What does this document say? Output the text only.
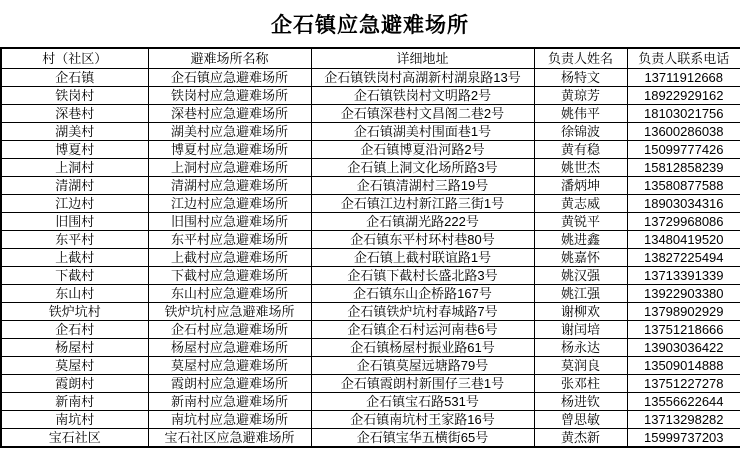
企石镇应急避难场所
村（社区）	避难场所名称	详细地址	负责人姓名	负责人联系电话
企石镇	企石镇应急避难场所	企石镇铁岗村高湖新村湖泉路13号	杨特文	13711912668
铁岗村	铁岗村应急避难场所	企石镇铁岗村文明路2号	黄琼芳	18922929162
深巷村	深巷村应急避难场所	企石镇深巷村文昌阁二巷2号	姚伟平	18103021756
湖美村	湖美村应急避难场所	企石镇湖美村围面巷1号	徐锦波	13600286038
博夏村	博夏村应急避难场所	企石镇博夏沿河路2号	黄有稳	15099777426
上洞村	上洞村应急避难场所	企石镇上洞文化场所路3号	姚世杰	15812858239
清湖村	清湖村应急避难场所	企石镇清湖村三路19号	潘炳坤	13580877588
江边村	江边村应急避难场所	企石镇江边村新江路三街1号	黄志威	18903034316
旧围村	旧围村应急避难场所	企石镇湖光路222号	黄锐平	13729968086
东平村	东平村应急避难场所	企石镇东平村环村巷80号	姚进鑫	13480419520
上截村	上截村应急避难场所	企石镇上截村联谊路1号	姚嘉怀	13827225494
下截村	下截村应急避难场所	企石镇下截村长盛北路3号	姚汉强	13713391339
东山村	东山村应急避难场所	企石镇东山企桥路167号	姚江强	13922903380
铁炉坑村	铁炉坑村应急避难场所	企石镇铁炉坑村春城路7号	谢柳欢	13798902929
企石村	企石村应急避难场所	企石镇企石村运河南巷6号	谢闰培	13751218666
杨屋村	杨屋村应急避难场所	企石镇杨屋村振业路61号	杨永达	13903036422
莫屋村	莫屋村应急避难场所	企石镇莫屋远塘路79号	莫润良	13509014888
霞朗村	霞朗村应急避难场所	企石镇霞朗村新围仔三巷1号	张邓柱	13751227278
新南村	新南村应急避难场所	企石镇宝石路531号	杨进钦	13556622644
南坑村	南坑村应急避难场所	企石镇南坑村王家路16号	曾思敏	13713298282
宝石社区	宝石社区应急避难场所	企石镇宝华五横街65号	黄杰新	15999737203
